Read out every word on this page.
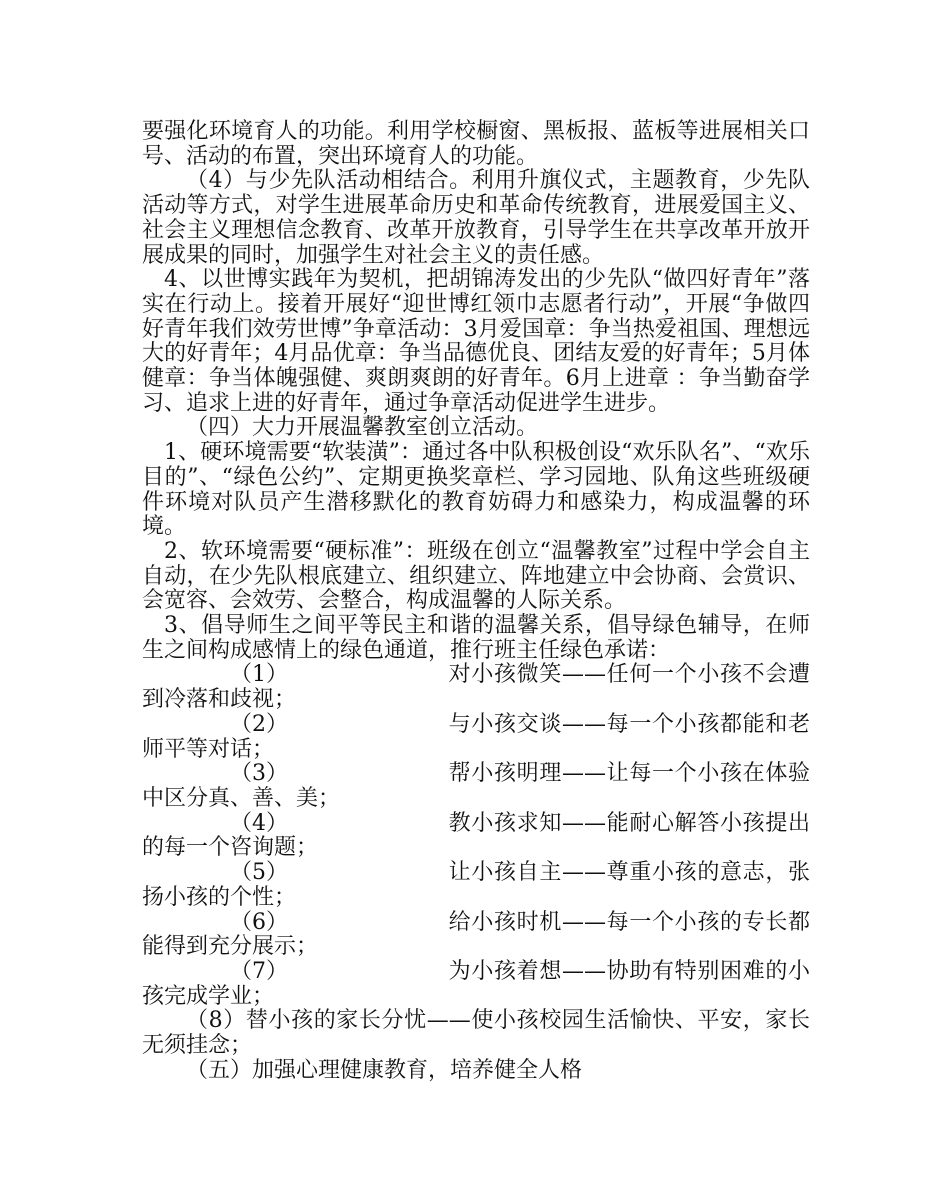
要强化环境育人的功能。利用学校橱窗、黑板报、蓝板等进展相关口号、活动的布置，突出环境育人的功能。

（4）与少先队活动相结合。利用升旗仪式，主题教育，少先队活动等方式，对学生进展革命历史和革命传统教育，进展爱国主义、社会主义理想信念教育、改革开放教育，引导学生在共享改革开放开展成果的同时，加强学生对社会主义的责任感。

4、以世博实践年为契机，把胡锦涛发出的少先队“做四好青年”落实在行动上。接着开展好“迎世博红领巾志愿者行动”，开展“争做四好青年我们效劳世博”争章活动：3月爱国章：争当热爱祖国、理想远大的好青年；4月品优章：争当品德优良、团结友爱的好青年；5月体健章：争当体魄强健、爽朗爽朗的好青年。6月上进章 ：争当勤奋学习、追求上进的好青年，通过争章活动促进学生进步。

（四）大力开展温馨教室创立活动。

1、硬环境需要“软装潢”：通过各中队积极创设“欢乐队名”、“欢乐目的”、“绿色公约”、定期更换奖章栏、学习园地、队角这些班级硬件环境对队员产生潜移默化的教育妨碍力和感染力，构成温馨的环境。

2、软环境需要“硬标准”：班级在创立“温馨教室”过程中学会自主自动，在少先队根底建立、组织建立、阵地建立中会协商、会赏识、会宽容、会效劳、会整合，构成温馨的人际关系。

3、倡导师生之间平等民主和谐的温馨关系，倡导绿色辅导，在师生之间构成感情上的绿色通道，推行班主任绿色承诺：

（1）	对小孩微笑——任何一个小孩不会遭到冷落和歧视；

（2）	与小孩交谈——每一个小孩都能和老师平等对话；

（3）	帮小孩明理——让每一个小孩在体验中区分真、善、美；

（4）	教小孩求知——能耐心解答小孩提出的每一个咨询题；

（5）	让小孩自主——尊重小孩的意志，张扬小孩的个性；

（6）	给小孩时机——每一个小孩的专长都能得到充分展示；

（7）	为小孩着想——协助有特别困难的小孩完成学业；

（8）替小孩的家长分忧——使小孩校园生活愉快、平安，家长无须挂念；

（五）加强心理健康教育，培养健全人格
